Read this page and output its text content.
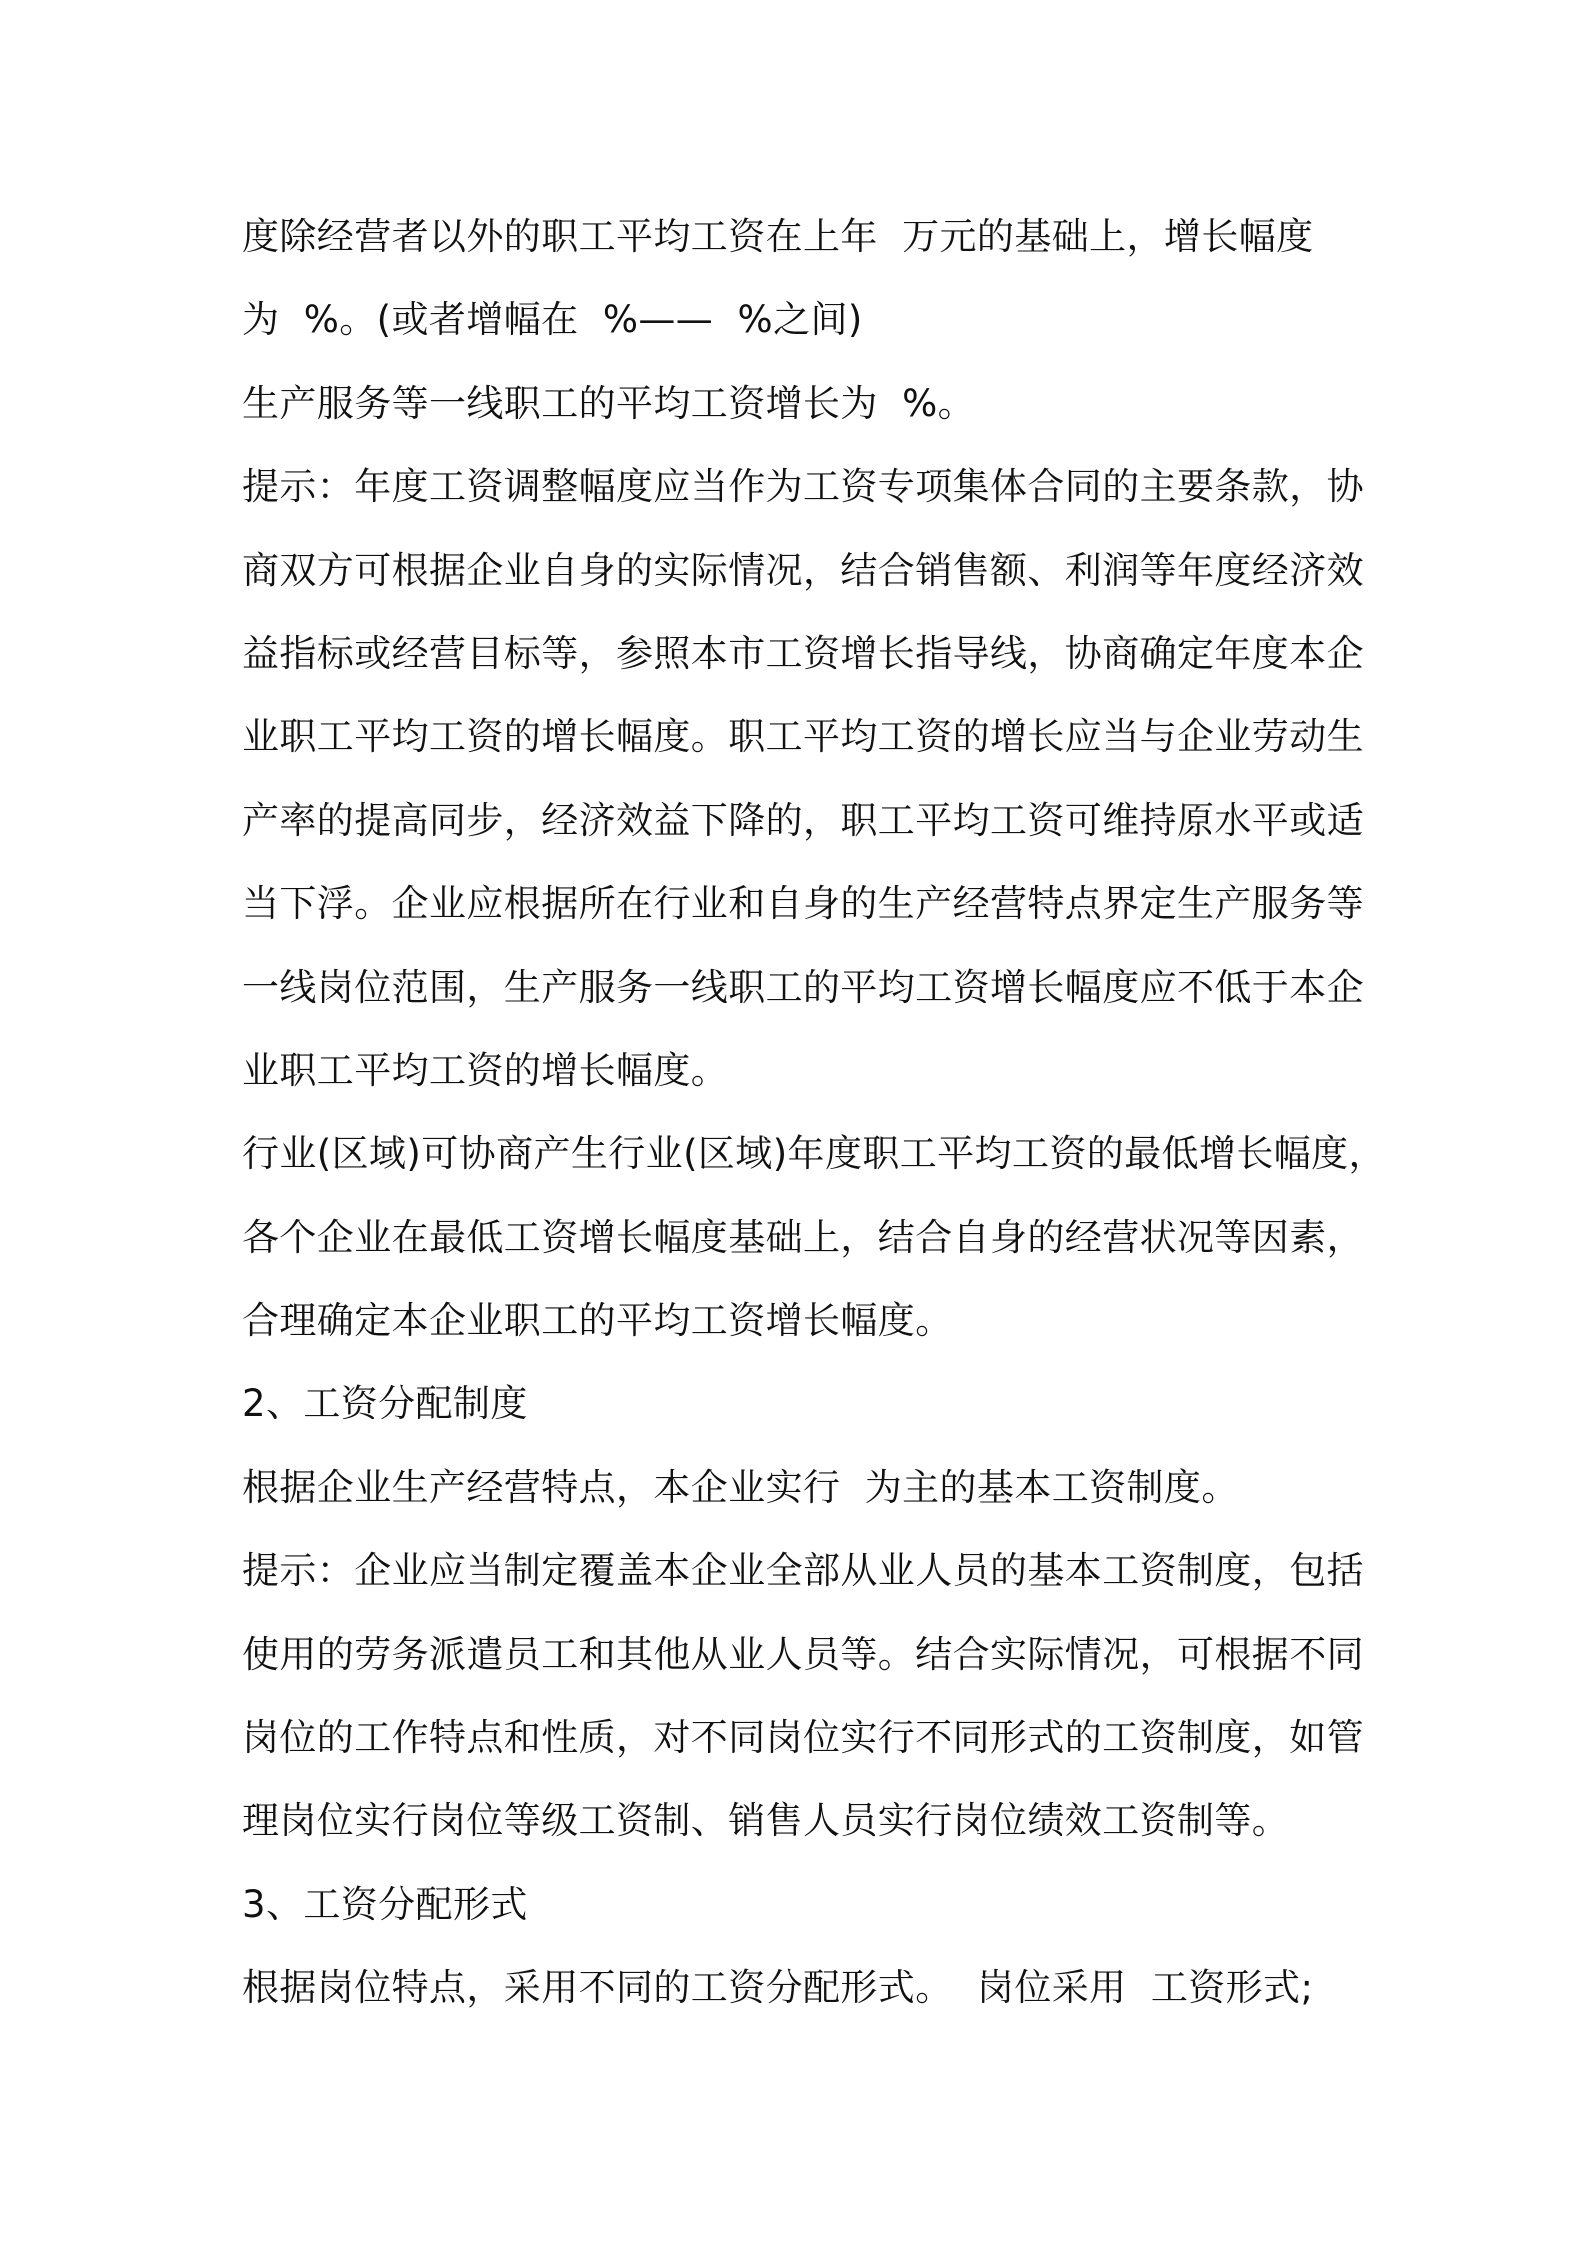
度除经营者以外的职工平均工资在上年  万元的基础上，增长幅度
为  %。(或者增幅在  %——  %之间)
生产服务等一线职工的平均工资增长为  %。
提示：年度工资调整幅度应当作为工资专项集体合同的主要条款，协
商双方可根据企业自身的实际情况，结合销售额、利润等年度经济效
益指标或经营目标等，参照本市工资增长指导线，协商确定年度本企
业职工平均工资的增长幅度。职工平均工资的增长应当与企业劳动生
产率的提高同步，经济效益下降的，职工平均工资可维持原水平或适
当下浮。企业应根据所在行业和自身的生产经营特点界定生产服务等
一线岗位范围，生产服务一线职工的平均工资增长幅度应不低于本企
业职工平均工资的增长幅度。
行业(区域)可协商产生行业(区域)年度职工平均工资的最低增长幅度，
各个企业在最低工资增长幅度基础上，结合自身的经营状况等因素，
合理确定本企业职工的平均工资增长幅度。
2、工资分配制度
根据企业生产经营特点，本企业实行  为主的基本工资制度。
提示：企业应当制定覆盖本企业全部从业人员的基本工资制度，包括
使用的劳务派遣员工和其他从业人员等。结合实际情况，可根据不同
岗位的工作特点和性质，对不同岗位实行不同形式的工资制度，如管
理岗位实行岗位等级工资制、销售人员实行岗位绩效工资制等。
3、工资分配形式
根据岗位特点，采用不同的工资分配形式。  岗位采用  工资形式;
